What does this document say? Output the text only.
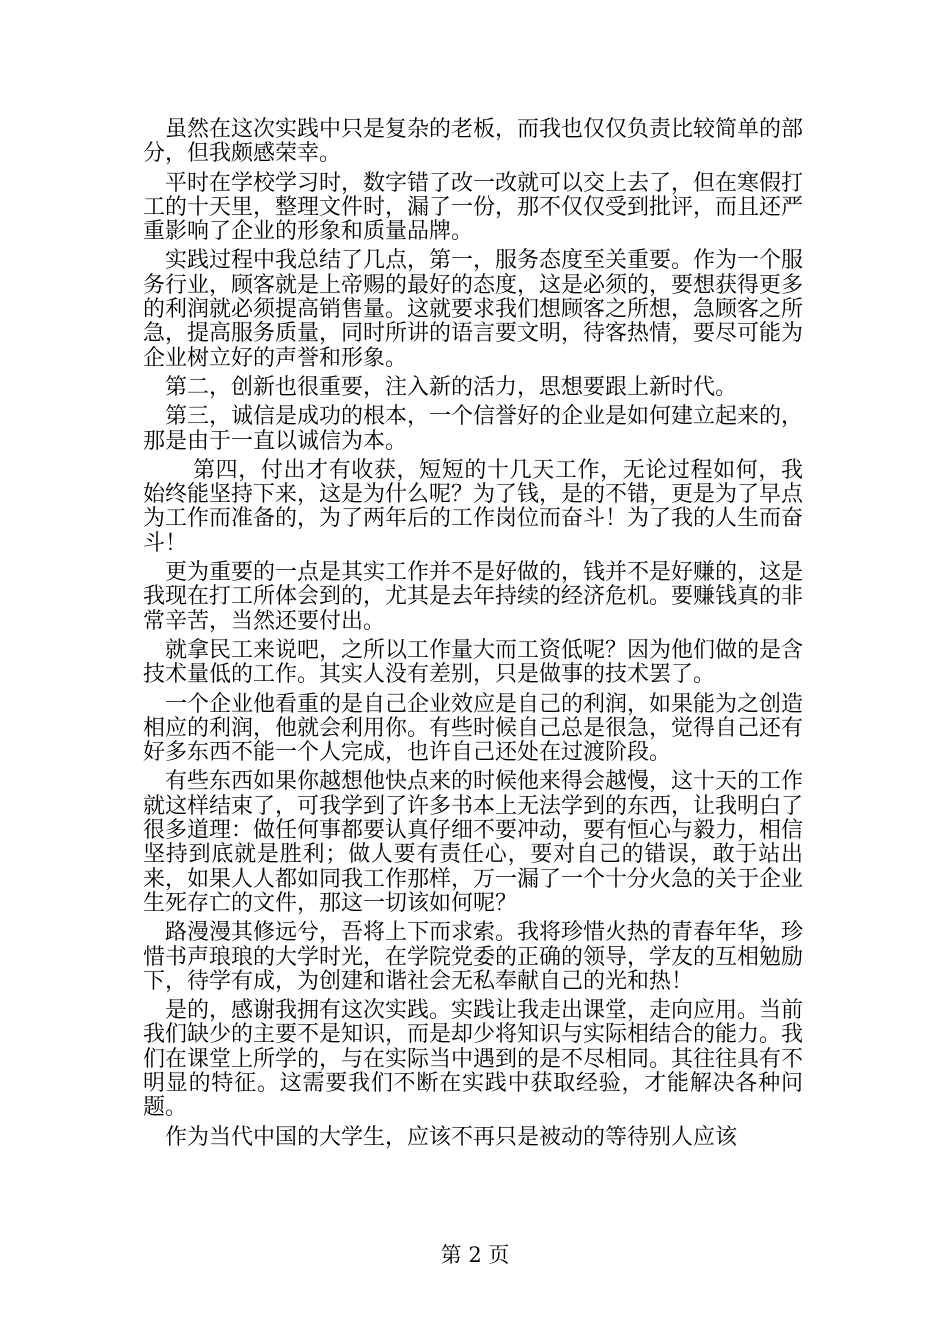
虽然在这次实践中只是复杂的老板，而我也仅仅负责比较简单的部分，但我颇感荣幸。

平时在学校学习时，数字错了改一改就可以交上去了，但在寒假打工的十天里，整理文件时，漏了一份，那不仅仅受到批评，而且还严重影响了企业的形象和质量品牌。

实践过程中我总结了几点，第一，服务态度至关重要。作为一个服务行业，顾客就是上帝赐的最好的态度，这是必须的，要想获得更多的利润就必须提高销售量。这就要求我们想顾客之所想，急顾客之所急，提高服务质量，同时所讲的语言要文明，待客热情，要尽可能为企业树立好的声誉和形象。

第二，创新也很重要，注入新的活力，思想要跟上新时代。

第三，诚信是成功的根本，一个信誉好的企业是如何建立起来的，那是由于一直以诚信为本。

第四，付出才有收获，短短的十几天工作，无论过程如何，我始终能坚持下来，这是为什么呢？为了钱，是的不错，更是为了早点为工作而准备的，为了两年后的工作岗位而奋斗！为了我的人生而奋斗！

更为重要的一点是其实工作并不是好做的，钱并不是好赚的，这是我现在打工所体会到的，尤其是去年持续的经济危机。要赚钱真的非常辛苦，当然还要付出。

就拿民工来说吧，之所以工作量大而工资低呢？因为他们做的是含技术量低的工作。其实人没有差别，只是做事的技术罢了。

一个企业他看重的是自己企业效应是自己的利润，如果能为之创造相应的利润，他就会利用你。有些时候自己总是很急，觉得自己还有好多东西不能一个人完成，也许自己还处在过渡阶段。

有些东西如果你越想他快点来的时候他来得会越慢，这十天的工作就这样结束了，可我学到了许多书本上无法学到的东西，让我明白了很多道理：做任何事都要认真仔细不要冲动，要有恒心与毅力，相信坚持到底就是胜利；做人要有责任心，要对自己的错误，敢于站出来，如果人人都如同我工作那样，万一漏了一个十分火急的关于企业生死存亡的文件，那这一切该如何呢？

路漫漫其修远兮，吾将上下而求索。我将珍惜火热的青春年华，珍惜书声琅琅的大学时光，在学院党委的正确的领导，学友的互相勉励下，待学有成，为创建和谐社会无私奉献自己的光和热！

是的，感谢我拥有这次实践。实践让我走出课堂，走向应用。当前我们缺少的主要不是知识，而是却少将知识与实际相结合的能力。我们在课堂上所学的，与在实际当中遇到的是不尽相同。其往往具有不明显的特征。这需要我们不断在实践中获取经验，才能解决各种问题。

作为当代中国的大学生，应该不再只是被动的等待别人应该

第 2 页
